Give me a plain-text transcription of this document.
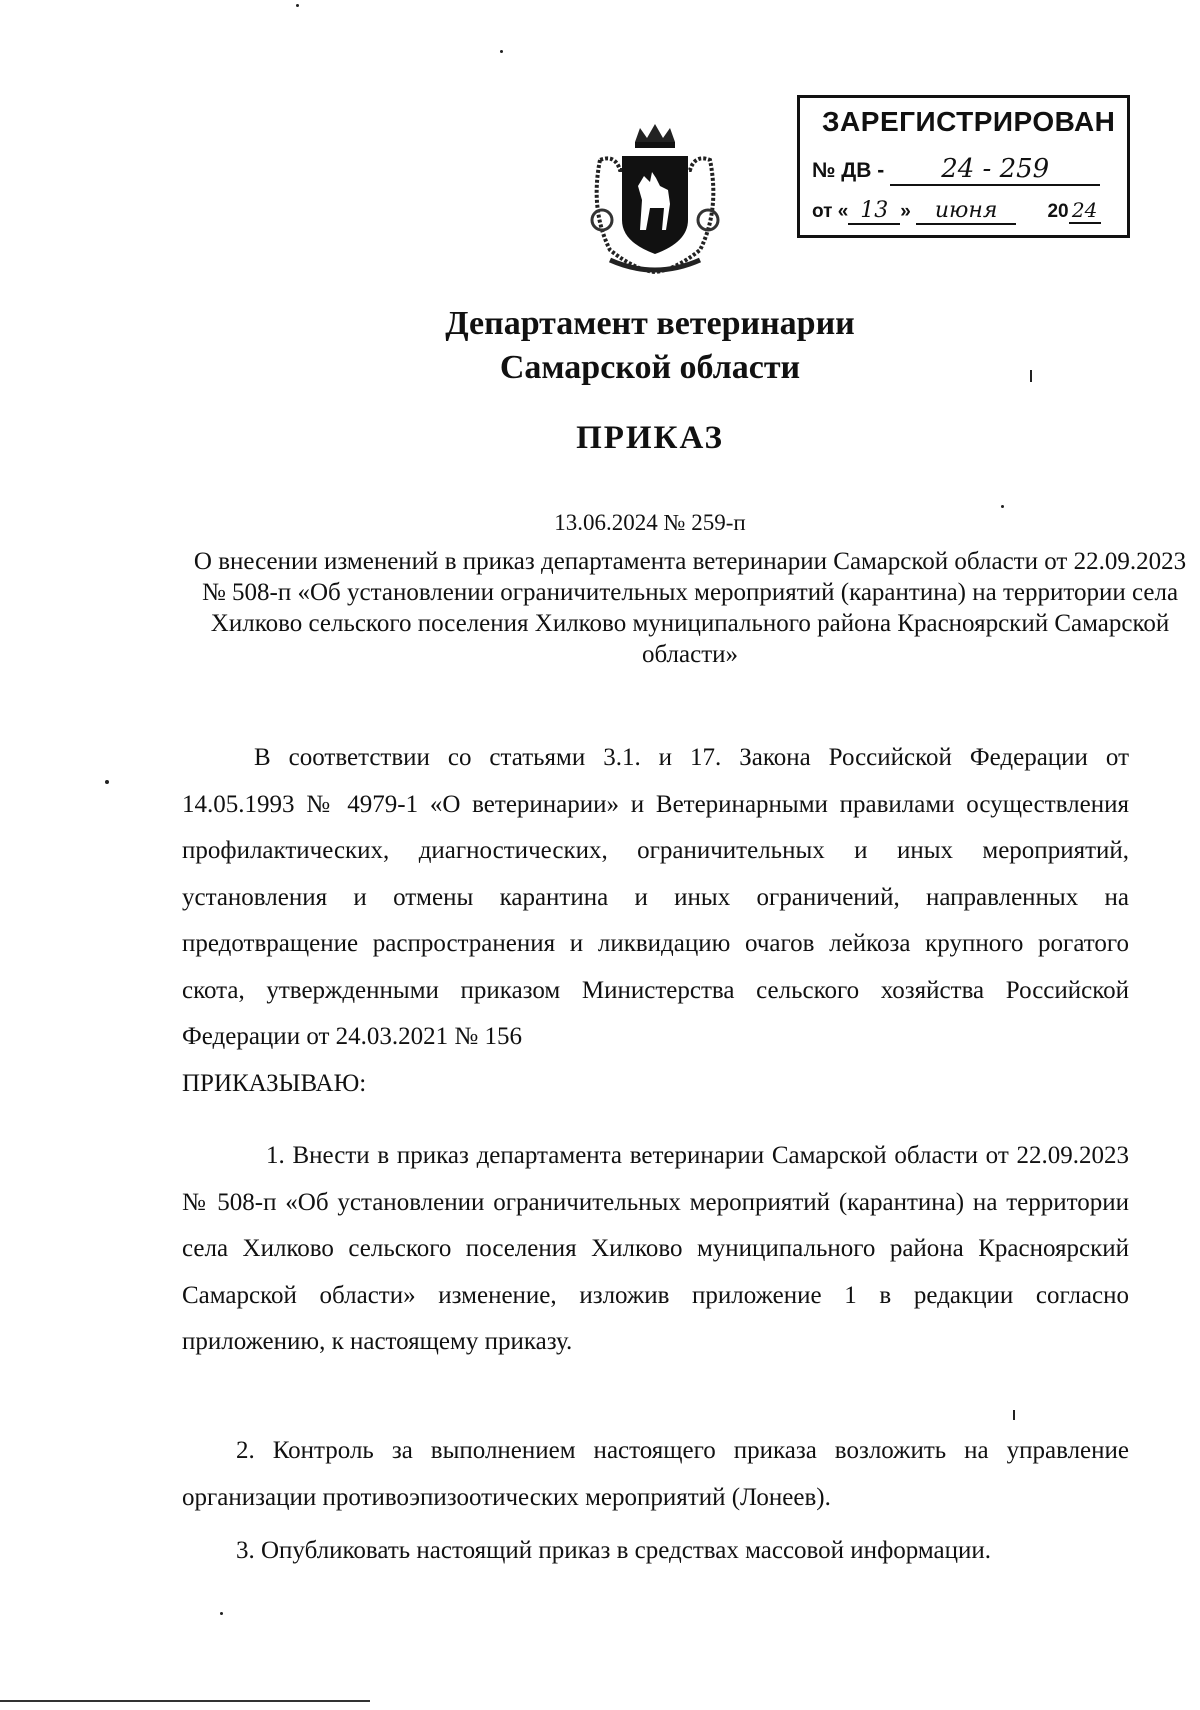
ЗАРЕГИСТРИРОВАН
№ ДВ - 24 - 259
от « 13 » июня	20 24
Департамент ветеринарии
Самарской области
ПРИКАЗ
13.06.2024 № 259-п

О внесении изменений в приказ департамента ветеринарии Самарской области от 22.09.2023 № 508-п «Об установлении ограничительных мероприятий (карантина) на территории села Хилково сельского поселения Хилково муниципального района Красноярский Самарской области»

В соответствии со статьями 3.1. и 17. Закона Российской Федерации от 14.05.1993 № 4979-1 «О ветеринарии» и Ветеринарными правилами осуществления профилактических, диагностических, ограничительных и иных мероприятий, установления и отмены карантина и иных ограничений, направленных на предотвращение распространения и ликвидацию очагов лейкоза крупного рогатого скота, утвержденными приказом Министерства сельского хозяйства Российской Федерации от 24.03.2021 № 156
ПРИКАЗЫВАЮ:

1. Внести в приказ департамента ветеринарии Самарской области от 22.09.2023 № 508-п «Об установлении ограничительных мероприятий (карантина) на территории села Хилково сельского поселения Хилково муниципального района Красноярский Самарской области» изменение, изложив приложение 1 в редакции согласно приложению, к настоящему приказу.

2. Контроль за выполнением настоящего приказа возложить на управление организации противоэпизоотических мероприятий (Лонеев).

3. Опубликовать настоящий приказ в средствах массовой информации.
